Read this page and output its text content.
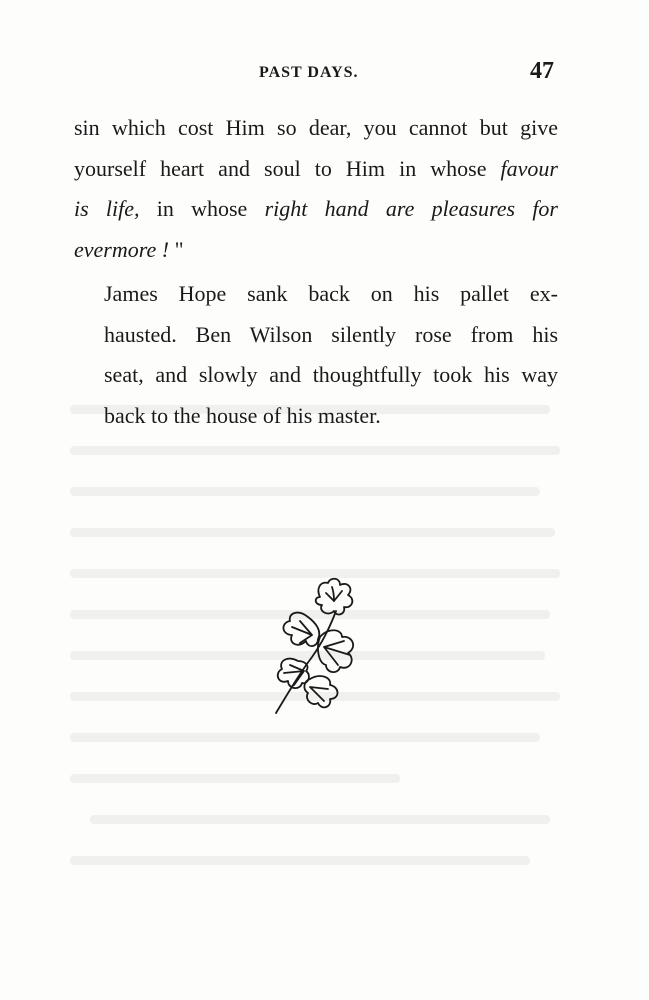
PAST DAYS.	47
sin which cost Him so dear, you cannot but give
yourself heart and soul to Him in whose favour
is life, in whose right hand are pleasures for
evermore ! "
James Hope sank back on his pallet ex-
hausted. Ben Wilson silently rose from his
seat, and slowly and thoughtfully took his way
back to the house of his master.
